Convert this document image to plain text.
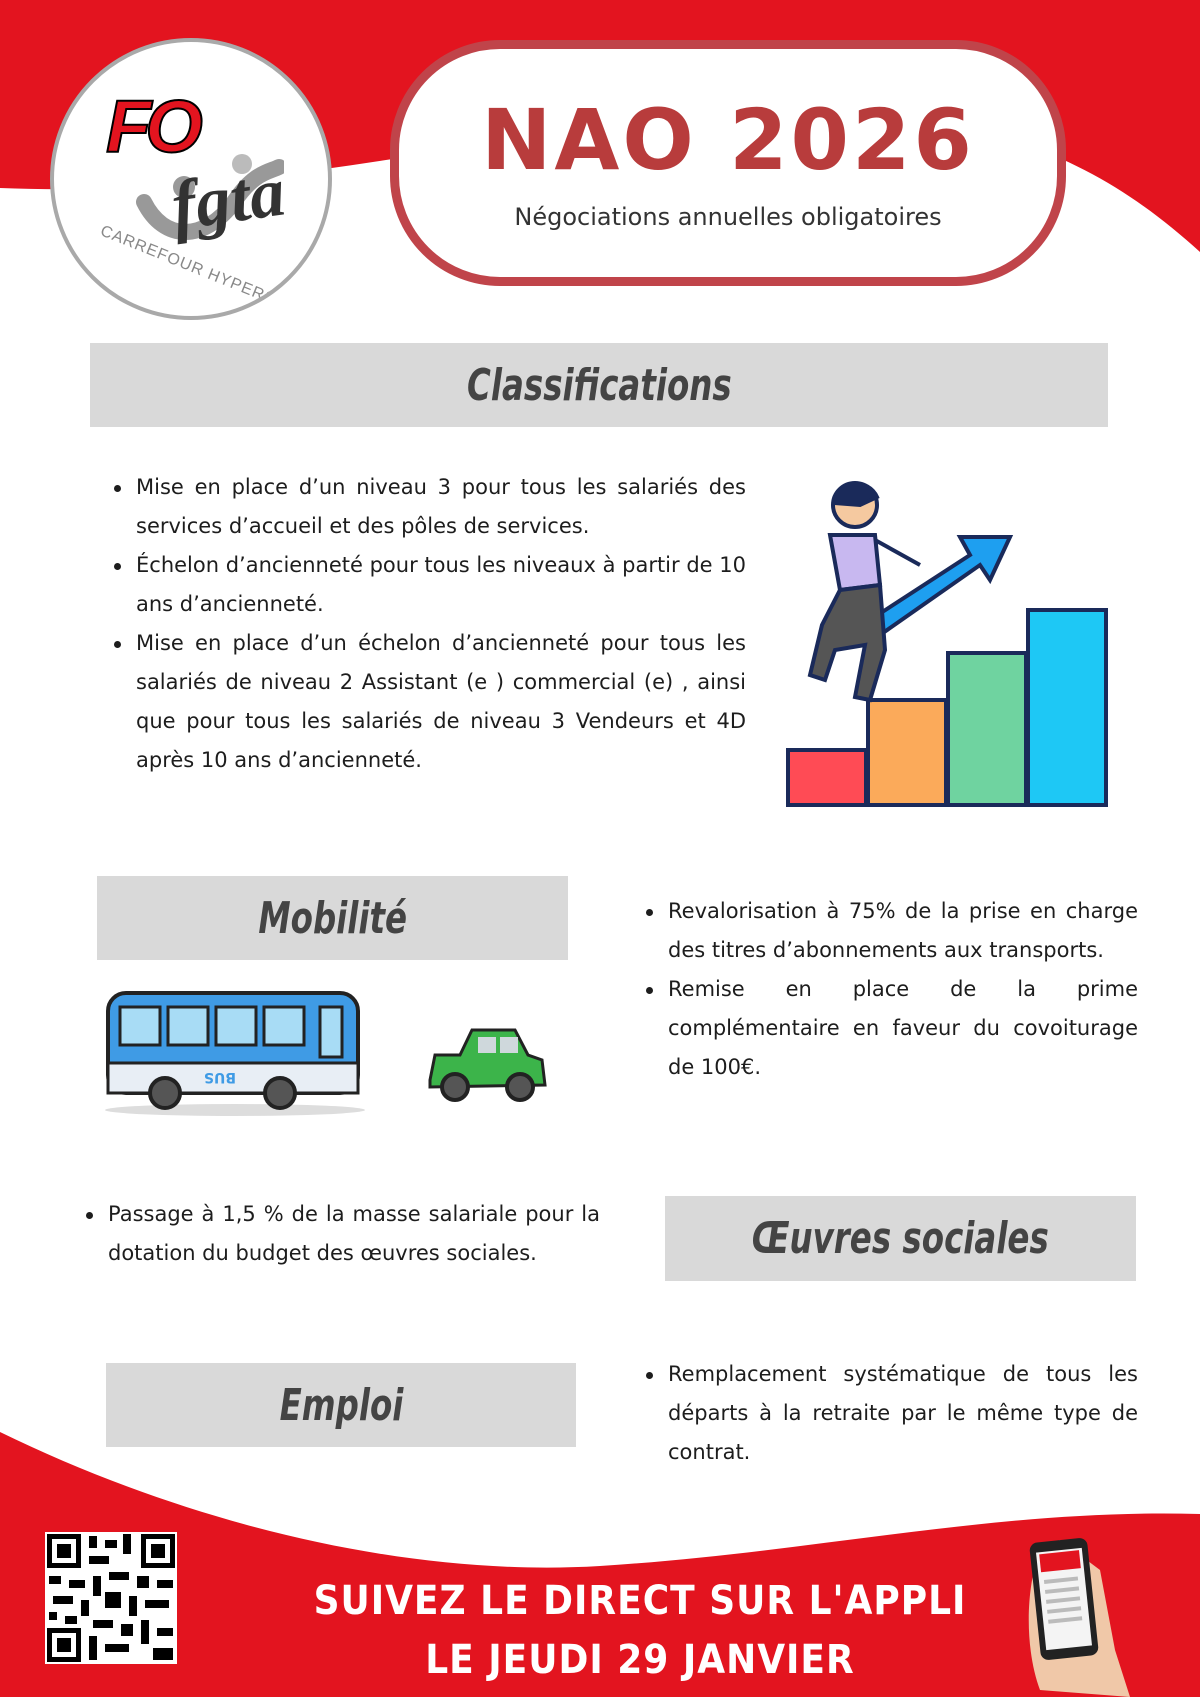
FO
fgta
CARREFOUR HYPERS
NAO 2026

Négociations annuelles obligatoires

Classifications
Mise en place d’un niveau 3 pour tous les salariés des services d’accueil et des pôles de services.
Échelon d’ancienneté pour tous les niveaux à partir de 10 ans d’ancienneté.
Mise en place d’un échelon d’ancienneté pour tous les salariés de niveau 2 Assistant (e ) commercial (e) , ainsi que pour tous les salariés de niveau 3 Vendeurs et 4D après 10 ans d’ancienneté.
Mobilité
BUS
Revalorisation à 75% de la prise en charge des titres d’abonnements aux transports.
Remise en place de la prime complémentaire en faveur du covoiturage de 100€.
Passage à 1,5 % de la masse salariale pour la dotation du budget des œuvres sociales.	Œuvres sociales
Emploi
Remplacement systématique de tous les départs à la retraite par le même type de contrat.
SUIVEZ LE DIRECT SUR L'APPLI
LE JEUDI 29 JANVIER
